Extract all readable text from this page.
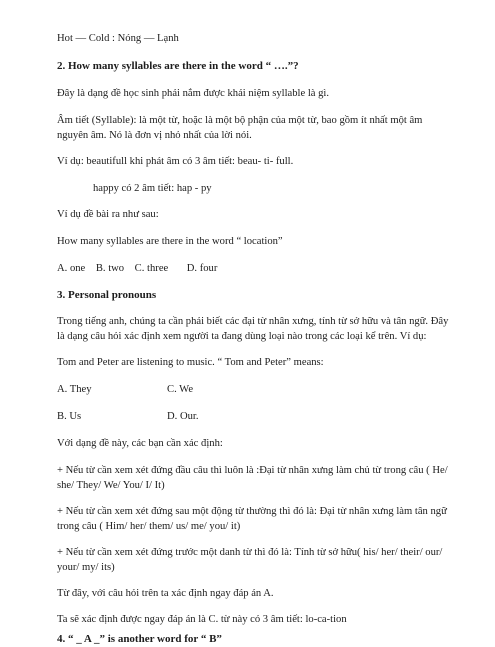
Hot — Cold : Nóng — Lạnh
2. How many syllables are there in the word “ ….”?
Đây là dạng đề học sinh phải nắm được khái niệm syllable là gì.
Âm tiết (Syllable): là một từ, hoặc là một bộ phận của một từ, bao gồm ít nhất một âm
nguyên âm. Nó là đơn vị nhỏ nhất của lời nói.
Ví dụ: beautifull khi phát âm có 3 âm tiết: beau- ti- full.
happy có 2 âm tiết: hap - py
Ví dụ đề bài ra như sau:
How many syllables are there in the word “ location”
A. one    B. two    C. three       D. four
3. Personal pronouns
Trong tiếng anh, chúng ta cần phải biết các đại từ nhân xưng, tính từ sở hữu và tân ngữ. Đây
là dạng câu hỏi xác định xem người ta đang dùng loại nào trong các loại kể trên. Ví dụ:
Tom and Peter are listening to music. “ Tom and Peter” means:
A. They	C. We
B. Us	D. Our.
Với dạng đề này, các bạn cần xác định:
+ Nếu từ cần xem xét đứng đầu câu thì luôn là :Đại từ nhân xưng làm chủ từ trong câu ( He/
she/ They/ We/ You/ I/ It)
+ Nếu từ cần xem xét đứng sau một động từ thường thì đó là: Đại từ nhân xưng làm tân ngữ
trong câu ( Him/ her/ them/ us/ me/ you/ it)
+ Nếu từ cần xem xét đứng trước một danh từ thì đó là: Tính từ sở hữu( his/ her/ their/ our/
your/ my/ its)
Từ đây, với câu hỏi trên ta xác định ngay đáp án A.
Ta sẽ xác định được ngay đáp án là C. từ này có 3 âm tiết: lo-ca-tion
4. “ _ A _” is another word for “ B”
